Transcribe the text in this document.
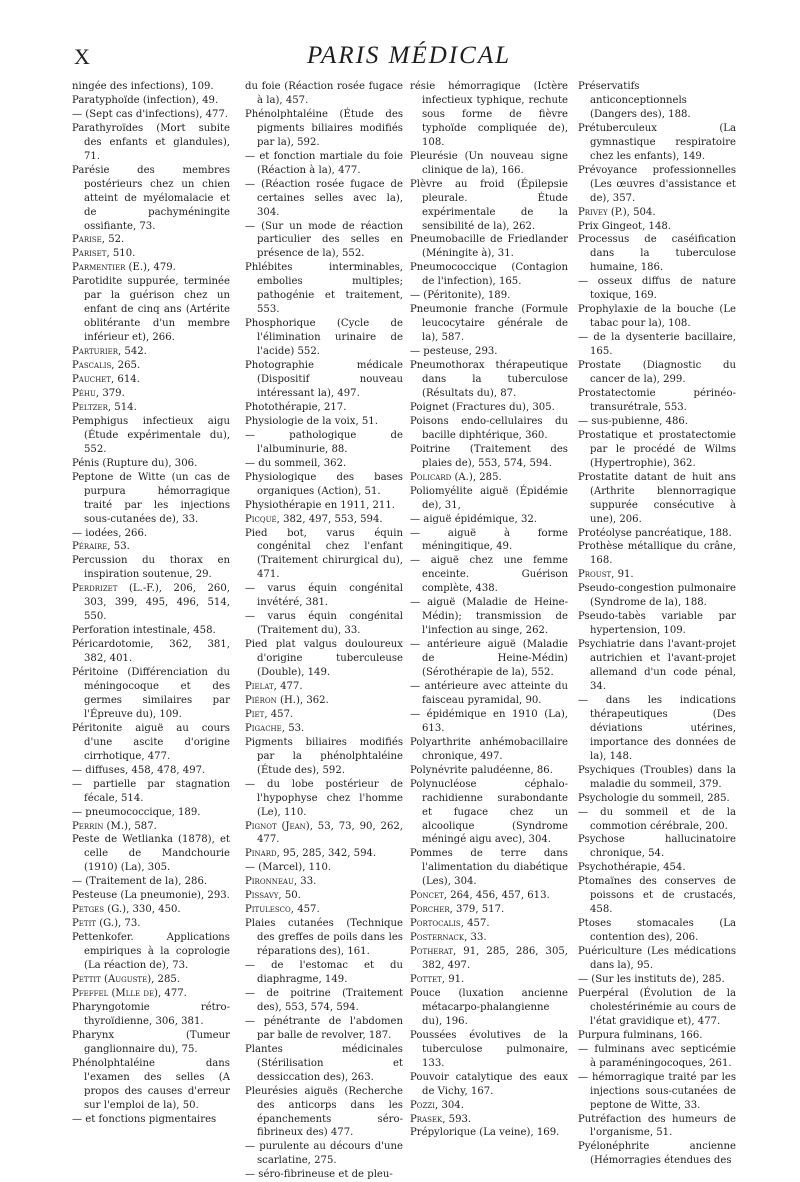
X	PARIS MÉDICAL
ningée des infections), 109.
Paratyphoïde (infection), 49.
— (Sept cas d'infections), 477.
Parathyroïdes (Mort subite des enfants et glandules), 71.
Parésie des membres postérieurs chez un chien atteint de myélomalacie et de pachyméningite ossifiante, 73.
Parise, 52.
Pariset, 510.
Parmentier (E.), 479.
Parotidite suppurée, terminée par la guérison chez un enfant de cinq ans (Artérite oblitérante d'un membre inférieur et), 266.
Parturier, 542.
Pascalis, 265.
Pauchet, 614.
Péhu, 379.
Peltzer, 514.
Pemphigus infectieux aigu (Étude expérimentale du), 552.
Pénis (Rupture du), 306.
Peptone de Witte (un cas de purpura hémorragique traité par les injections sous-cutanées de), 33.
— iodées, 266.
Péraire, 53.
Percussion du thorax en inspiration soutenue, 29.
Perdrizet (L.-F.), 206, 260, 303, 399, 495, 496, 514, 550.
Perforation intestinale, 458.
Péricardotomie, 362, 381, 382, 401.
Péritoine (Différenciation du méningocoque et des germes similaires par l'Épreuve du), 109.
Péritonite aiguë au cours d'une ascite d'origine cirrhotique, 477.
— diffuses, 458, 478, 497.
— partielle par stagnation fécale, 514.
— pneumococcique, 189.
Perrin (M.), 587.
Peste de Wetlianka (1878), et celle de Mandchourie (1910) (La), 305.
— (Traitement de la), 286.
Pesteuse (La pneumonie), 293.
Petges (G.), 330, 450.
Petit (G.), 73.
Pettenkofer. Applications empiriques à la coprologie (La réaction de), 73.
Pettit (Auguste), 285.
Pfeffel (Mlle de), 477.
Pharyngotomie rétro-thyroïdienne, 306, 381.
Pharynx (Tumeur ganglionnaire du), 75.
Phénolphtaléine dans l'examen des selles (A propos des causes d'erreur sur l'emploi de la), 50.
— et fonctions pigmentaires
du foie (Réaction rosée fugace à la), 457.
Phénolphtaléine (Étude des pigments biliaires modifiés par la), 592.
— et fonction martiale du foie (Réaction à la), 477.
— (Réaction rosée fugace de certaines selles avec la), 304.
— (Sur un mode de réaction particulier des selles en présence de la), 552.
Phlébites interminables, embolies multiples; pathogénie et traitement, 553.
Phosphorique (Cycle de l'élimination urinaire de l'acide) 552.
Photographie médicale (Dispositif nouveau intéressant la), 497.
Photothérapie, 217.
Physiologie de la voix, 51.
— pathologique de l'albuminurie, 88.
— du sommeil, 362.
Physiologique des bases organiques (Action), 51.
Physiothérapie en 1911, 211.
Picqué, 382, 497, 553, 594.
Pied bot, varus équin congénital chez l'enfant (Traitement chirurgical du), 471.
— varus équin congénital invétéré, 381.
— varus équin congénital (Traitement du), 33.
Pied plat valgus douloureux d'origine tuberculeuse (Double), 149.
Pielat, 477.
Piéron (H.), 362.
Piet, 457.
Pigache, 53.
Pigments biliaires modifiés par la phénolphtaléine (Étude des), 592.
— du lobe postérieur de l'hypophyse chez l'homme (Le), 110.
Pignot (Jean), 53, 73, 90, 262, 477.
Pinard, 95, 285, 342, 594.
— (Marcel), 110.
Pironneau, 33.
Pissavy, 50.
Pitulesco, 457.
Plaies cutanées (Technique des greffes de poils dans les réparations des), 161.
— de l'estomac et du diaphragme, 149.
— de poitrine (Traitement des), 553, 574, 594.
— pénétrante de l'abdomen par balle de revolver, 187.
Plantes médicinales (Stérilisation et dessiccation des), 263.
Pleurésies aiguës (Recherche des anticorps dans les épanchements séro-fibrineux des) 477.
— purulente au décours d'une scarlatine, 275.
— séro-fibrineuse et de pleu-
résie hémorragique (Ictère infectieux typhique, rechute sous forme de fièvre typhoïde compliquée de), 108.
Pleurésie (Un nouveau signe clinique de la), 166.
Plèvre au froid (Épilepsie pleurale. Étude expérimentale de la sensibilité de la), 262.
Pneumobacille de Friedlander (Méningite à), 31.
Pneumococcique (Contagion de l'infection), 165.
— (Péritonite), 189.
Pneumonie franche (Formule leucocytaire générale de la), 587.
— pesteuse, 293.
Pneumothorax thérapeutique dans la tuberculose (Résultats du), 87.
Poignet (Fractures du), 305.
Poisons endo-cellulaires du bacille diphtérique, 360.
Poitrine (Traitement des plaies de), 553, 574, 594.
Policard (A.), 285.
Poliomyélite aiguë (Épidémie de), 31,
— aiguë épidémique, 32.
— aiguë à forme méningitique, 49.
— aiguë chez une femme enceinte. Guérison complète, 438.
— aiguë (Maladie de Heine-Médin); transmission de l'infection au singe, 262.
— antérieure aiguë (Maladie de Heine-Médin) (Sérothérapie de la), 552.
— antérieure avec atteinte du faisceau pyramidal, 90.
— épidémique en 1910 (La), 613.
Polyarthrite anhémobacillaire chronique, 497.
Polynévrite paludéenne, 86.
Polynucléose céphalo-rachidienne surabondante et fugace chez un alcoolique (Syndrome méningé aigu avec), 304.
Pommes de terre dans l'alimentation du diabétique (Les), 304.
Poncet, 264, 456, 457, 613.
Porcher, 379, 517.
Portocalis, 457.
Posternack, 33.
Potherat, 91, 285, 286, 305, 382, 497.
Pottet, 91.
Pouce (luxation ancienne métacarpo-phalangienne du), 196.
Poussées évolutives de la tuberculose pulmonaire, 133.
Pouvoir catalytique des eaux de Vichy, 167.
Pozzi, 304.
Prasek, 593.
Prépylorique (La veine), 169.
Préservatifs anticonceptionnels (Dangers des), 188.
Prétuberculeux (La gymnastique respiratoire chez les enfants), 149.
Prévoyance professionnelles (Les œuvres d'assistance et de), 357.
Privey (P.), 504.
Prix Gingeot, 148.
Processus de caséification dans la tuberculose humaine, 186.
— osseux diffus de nature toxique, 169.
Prophylaxie de la bouche (Le tabac pour la), 108.
— de la dysenterie bacillaire, 165.
Prostate (Diagnostic du cancer de la), 299.
Prostatectomie périnéo-transurétrale, 553.
— sus-pubienne, 486.
Prostatique et prostatectomie par le procédé de Wilms (Hypertrophie), 362.
Prostatite datant de huit ans (Arthrite blennorragique suppurée consécutive à une), 206.
Protéolyse pancréatique, 188.
Prothèse métallique du crâne, 168.
Proust, 91.
Pseudo-congestion pulmonaire (Syndrome de la), 188.
Pseudo-tabès variable par hypertension, 109.
Psychiatrie dans l'avant-projet autrichien et l'avant-projet allemand d'un code pénal, 34.
— dans les indications thérapeutiques (Des déviations utérines, importance des données de la), 148.
Psychiques (Troubles) dans la maladie du sommeil, 379.
Psychologie du sommeil, 285.
— du sommeil et de la commotion cérébrale, 200.
Psychose hallucinatoire chronique, 54.
Psychothérapie, 454.
Ptomaïnes des conserves de poissons et de crustacés, 458.
Ptoses stomacales (La contention des), 206.
Puériculture (Les médications dans la), 95.
— (Sur les instituts de), 285.
Puerpéral (Évolution de la cholestérinémie au cours de l'état gravidique et), 477.
Purpura fulminans, 166.
— fulminans avec septicémie à paraméningocoques, 261.
— hémorragique traité par les injections sous-cutanées de peptone de Witte, 33.
Putréfaction des humeurs de l'organisme, 51.
Pyélonéphrite ancienne (Hémorragies étendues des
